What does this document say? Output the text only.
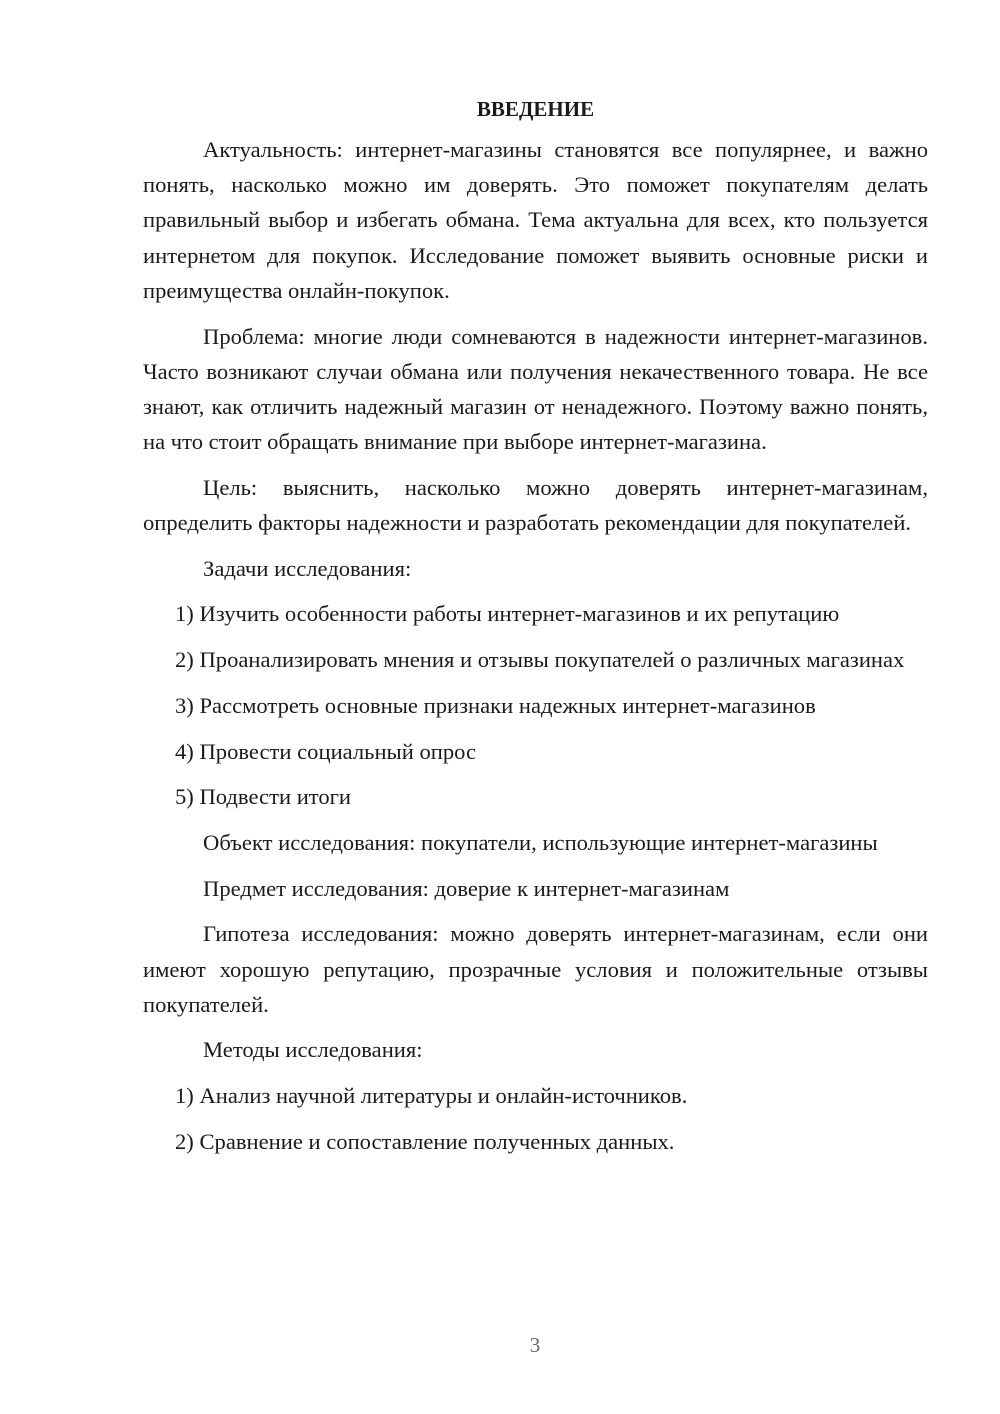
ВВЕДЕНИЕ

Актуальность: интернет-магазины становятся все популярнее, и важно понять, насколько можно им доверять. Это поможет покупателям делать правильный выбор и избегать обмана. Тема актуальна для всех, кто пользуется интернетом для покупок. Исследование поможет выявить основные риски и преимущества онлайн-покупок.

Проблема: многие люди сомневаются в надежности интернет-магазинов. Часто возникают случаи обмана или получения некачественного товара. Не все знают, как отличить надежный магазин от ненадежного. Поэтому важно понять, на что стоит обращать внимание при выборе интернет-магазина.

Цель: выяснить, насколько можно доверять интернет-магазинам, определить факторы надежности и разработать рекомендации для покупателей.

Задачи исследования:

1) Изучить особенности работы интернет-магазинов и их репутацию

2) Проанализировать мнения и отзывы покупателей о различных магазинах

3) Рассмотреть основные признаки надежных интернет-магазинов

4) Провести социальный опрос

5) Подвести итоги

Объект исследования: покупатели, использующие интернет-магазины

Предмет исследования: доверие к интернет-магазинам

Гипотеза исследования: можно доверять интернет-магазинам, если они имеют хорошую репутацию, прозрачные условия и положительные отзывы покупателей.

Методы исследования:

1) Анализ научной литературы и онлайн-источников.

2) Сравнение и сопоставление полученных данных.

3
